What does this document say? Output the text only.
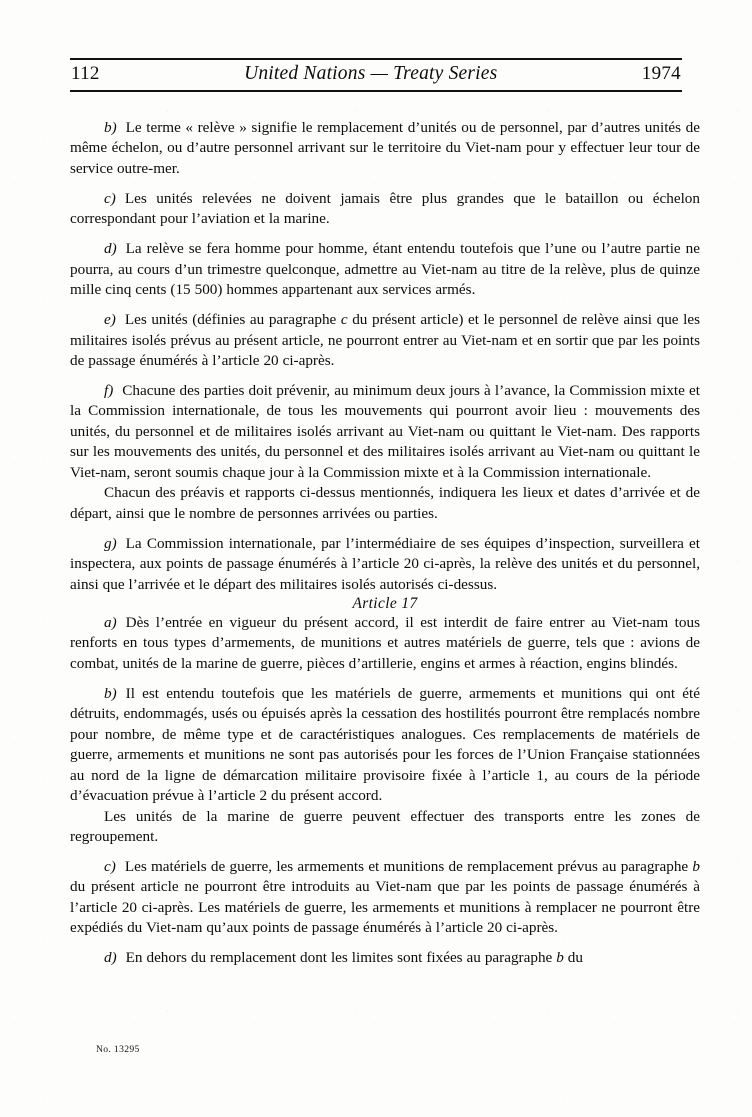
112	United Nations — Treaty Series	1974

b) Le terme « relève » signifie le remplacement d’unités ou de personnel, par d’autres unités de même échelon, ou d’autre personnel arrivant sur le territoire du Viet-nam pour y effectuer leur tour de service outre-mer.

c) Les unités relevées ne doivent jamais être plus grandes que le bataillon ou échelon correspondant pour l’aviation et la marine.

d) La relève se fera homme pour homme, étant entendu toutefois que l’une ou l’autre partie ne pourra, au cours d’un trimestre quelconque, admettre au Viet-nam au titre de la relève, plus de quinze mille cinq cents (15 500) hommes appartenant aux services armés.

e) Les unités (définies au paragraphe c du présent article) et le personnel de relève ainsi que les militaires isolés prévus au présent article, ne pourront entrer au Viet-nam et en sortir que par les points de passage énumérés à l’article 20 ci-après.

f) Chacune des parties doit prévenir, au minimum deux jours à l’avance, la Commission mixte et la Commission internationale, de tous les mouvements qui pourront avoir lieu : mouvements des unités, du personnel et de militaires isolés arrivant au Viet-nam ou quittant le Viet-nam. Des rapports sur les mouvements des unités, du personnel et des militaires isolés arrivant au Viet-nam ou quittant le Viet-nam, seront soumis chaque jour à la Commission mixte et à la Commission internationale.

Chacun des préavis et rapports ci-dessus mentionnés, indiquera les lieux et dates d’arrivée et de départ, ainsi que le nombre de personnes arrivées ou parties.

g) La Commission internationale, par l’intermédiaire de ses équipes d’inspection, surveillera et inspectera, aux points de passage énumérés à l’article 20 ci-après, la relève des unités et du personnel, ainsi que l’arrivée et le départ des militaires isolés autorisés ci-dessus.

Article 17

a) Dès l’entrée en vigueur du présent accord, il est interdit de faire entrer au Viet-nam tous renforts en tous types d’armements, de munitions et autres matériels de guerre, tels que : avions de combat, unités de la marine de guerre, pièces d’artillerie, engins et armes à réaction, engins blindés.

b) Il est entendu toutefois que les matériels de guerre, armements et munitions qui ont été détruits, endommagés, usés ou épuisés après la cessation des hostilités pourront être remplacés nombre pour nombre, de même type et de caractéristiques analogues. Ces remplacements de matériels de guerre, armements et munitions ne sont pas autorisés pour les forces de l’Union Française stationnées au nord de la ligne de démarcation militaire provisoire fixée à l’article 1, au cours de la période d’évacuation prévue à l’article 2 du présent accord.

Les unités de la marine de guerre peuvent effectuer des transports entre les zones de regroupement.

c) Les matériels de guerre, les armements et munitions de remplacement prévus au paragraphe b du présent article ne pourront être introduits au Viet-nam que par les points de passage énumérés à l’article 20 ci-après. Les matériels de guerre, les armements et munitions à remplacer ne pourront être expédiés du Viet-nam qu’aux points de passage énumérés à l’article 20 ci-après.

d) En dehors du remplacement dont les limites sont fixées au paragraphe b du

No. 13295
